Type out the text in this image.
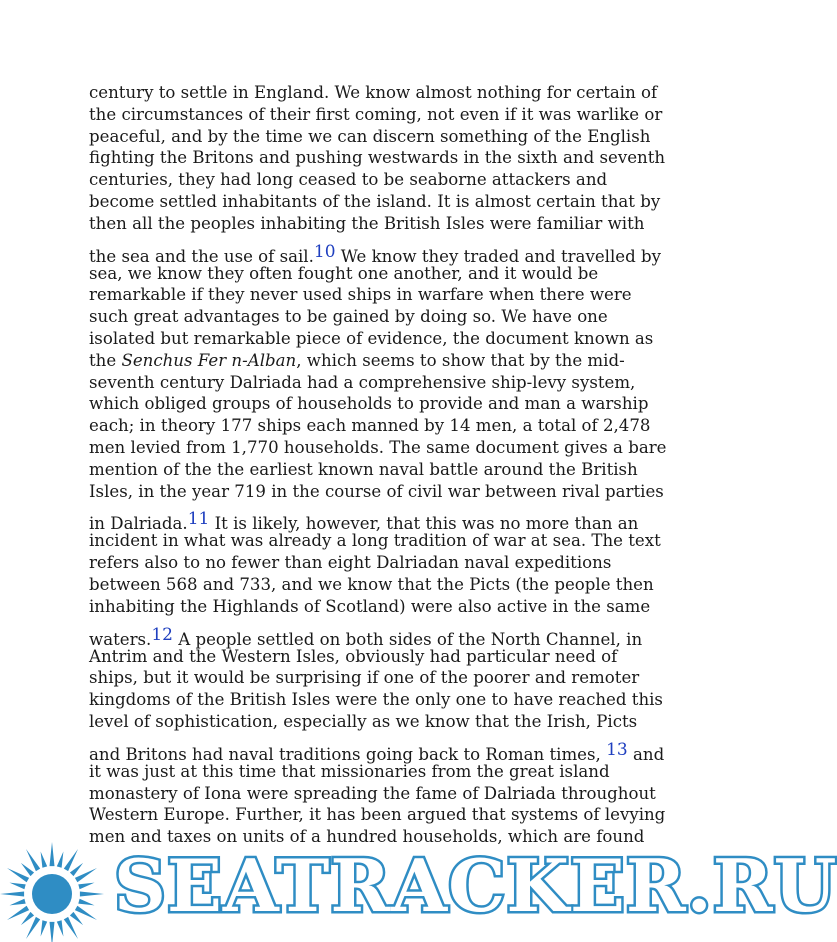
century to settle in England. We know almost nothing for certain of
the circumstances of their first coming, not even if it was warlike or
peaceful, and by the time we can discern something of the English
fighting the Britons and pushing westwards in the sixth and seventh
centuries, they had long ceased to be seaborne attackers and
become settled inhabitants of the island. It is almost certain that by
then all the peoples inhabiting the British Isles were familiar with
the sea and the use of sail.10 We know they traded and travelled by
sea, we know they often fought one another, and it would be
remarkable if they never used ships in warfare when there were
such great advantages to be gained by doing so. We have one
isolated but remarkable piece of evidence, the document known as
the Senchus Fer n-Alban, which seems to show that by the mid-
seventh century Dalriada had a comprehensive ship-levy system,
which obliged groups of households to provide and man a warship
each; in theory 177 ships each manned by 14 men, a total of 2,478
men levied from 1,770 households. The same document gives a bare
mention of the the earliest known naval battle around the British
Isles, in the year 719 in the course of civil war between rival parties
in Dalriada.11 It is likely, however, that this was no more than an
incident in what was already a long tradition of war at sea. The text
refers also to no fewer than eight Dalriadan naval expeditions
between 568 and 733, and we know that the Picts (the people then
inhabiting the Highlands of Scotland) were also active in the same
waters.12 A people settled on both sides of the North Channel, in
Antrim and the Western Isles, obviously had particular need of
ships, but it would be surprising if one of the poorer and remoter
kingdoms of the British Isles were the only one to have reached this
level of sophistication, especially as we know that the Irish, Picts
and Britons had naval traditions going back to Roman times, 13 and
it was just at this time that missionaries from the great island
monastery of Iona were spreading the fame of Dalriada throughout
Western Europe. Further, it has been argued that systems of levying
men and taxes on units of a hundred households, which are found
SEATRACKER.RU
